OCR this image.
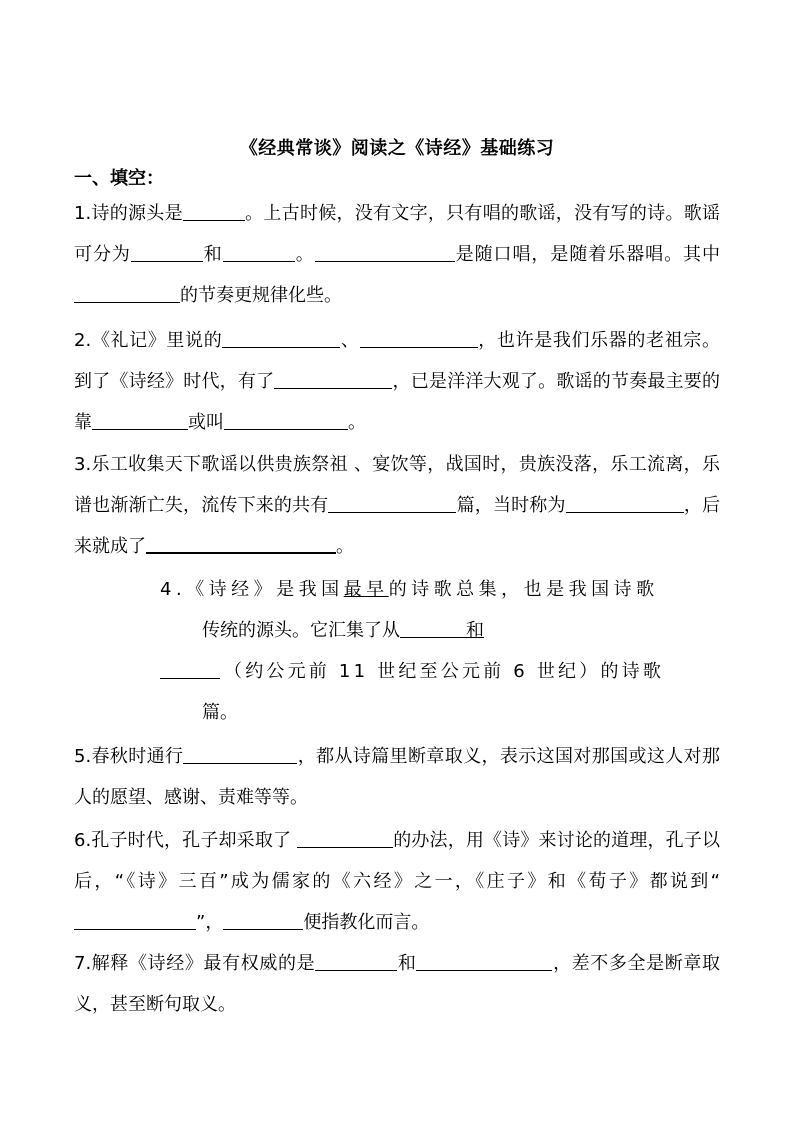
《经典常谈》阅读之《诗经》基础练习
一、填空：
1.诗的源头是	。上古时候，没有文字，只有唱的歌谣，没有写的诗。歌谣可分为	和	。	是随口唱，是随着乐器唱。其中的节奏更规律化些。
2.《礼记》里说的	、	，也许是我们乐器的老祖宗。到了《诗经》时代，有了	，已是洋洋大观了。歌谣的节奏最主要的靠	或叫	。
3.乐工收集天下歌谣以供贵族祭祖 、宴饮等，战国时，贵族没落，乐工流离，乐谱也渐渐亡失，流传下来的共有	篇，当时称为	，后来就成了	。
4.《诗经》是我国最早的诗歌总集，也是我国诗歌
传统的源头。它汇集了从	和
（约公元前 11 世纪至公元前 6 世纪）的诗歌
篇。
5.春秋时通行	，都从诗篇里断章取义，表示这国对那国或这人对那人的愿望、感谢、责难等等。
6.孔子时代，孔子却采取了	的办法，用《诗》来讨论的道理，孔子以后，“《诗》三百”成为儒家的《六经》之一，《庄子》和《荀子》都说到“”，	便指教化而言。
7.解释《诗经》最有权威的是	和	，差不多全是断章取义，甚至断句取义。
